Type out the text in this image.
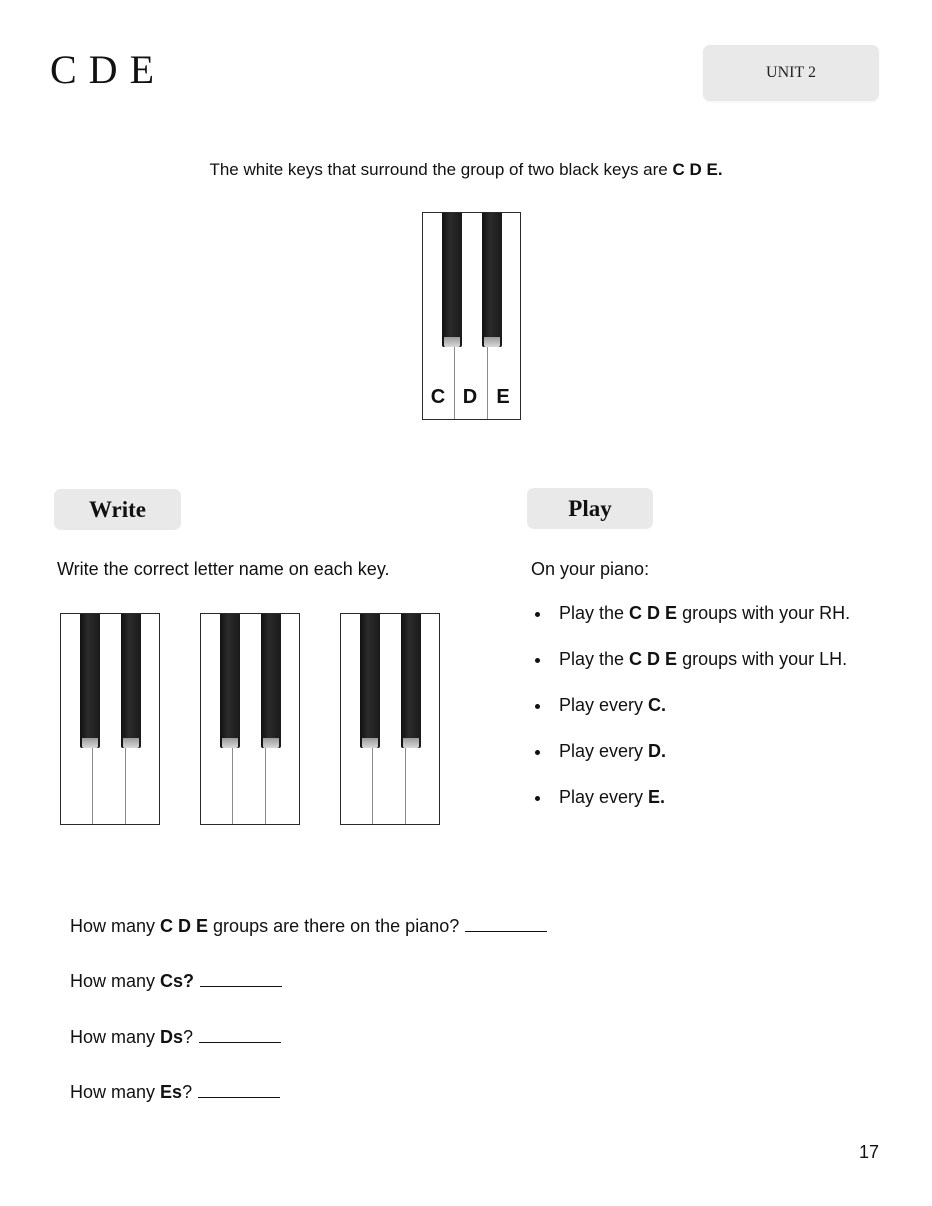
C D E	UNIT 2
The white keys that surround the group of two black keys are C D E.
C D E
Write
Write the correct letter name on each key.
Play
On your piano:
Play the C D E groups with your RH.
Play the C D E groups with your LH.
Play every C.
Play every D.
Play every E.
How many C D E groups are there on the piano?
How many Cs?
How many Ds?
How many Es?
17
